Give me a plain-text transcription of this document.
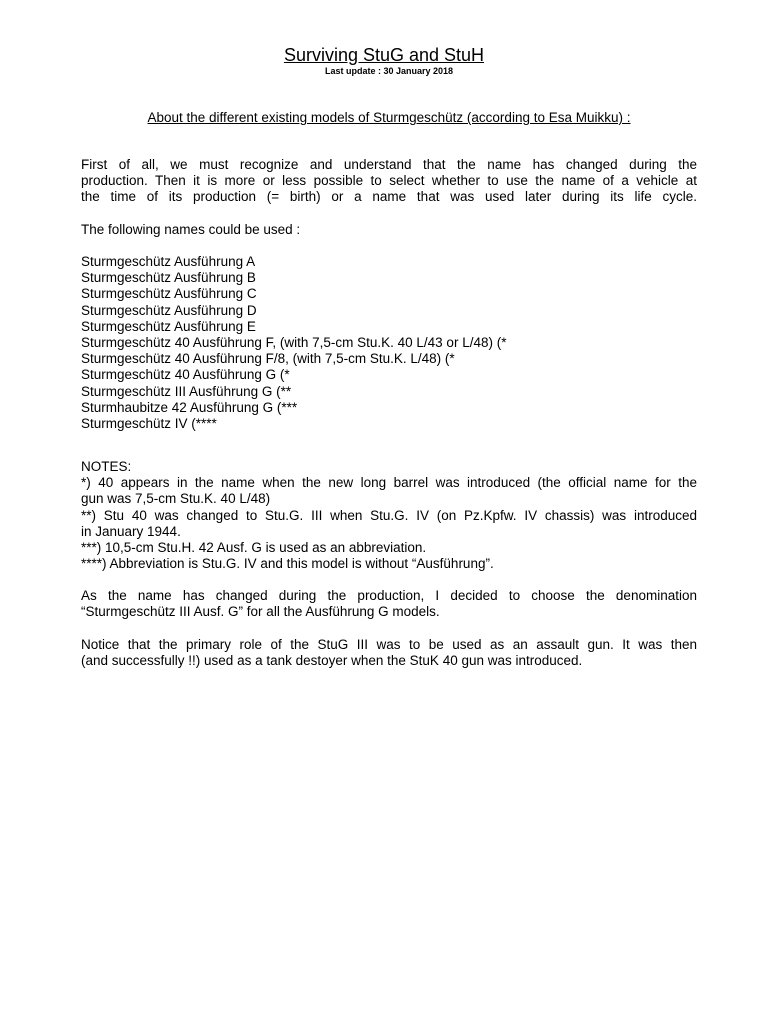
Surviving StuG and StuH

Last update : 30 January 2018

About the different existing models of Sturmgeschütz (according to Esa Muikku) :

First of all, we must recognize and understand that the name has changed during the
production. Then it is more or less possible to select whether to use the name of a vehicle at
the time of its production (= birth) or a name that was used later during its life cycle.
The following names could be used :
Sturmgeschütz Ausführung A
Sturmgeschütz Ausführung B
Sturmgeschütz Ausführung C
Sturmgeschütz Ausführung D
Sturmgeschütz Ausführung E
Sturmgeschütz 40 Ausführung F, (with 7,5-cm Stu.K. 40 L/43 or L/48) (*
Sturmgeschütz 40 Ausführung F/8, (with 7,5-cm Stu.K. L/48) (*
Sturmgeschütz 40 Ausführung G (*
Sturmgeschütz III Ausführung G (**
Sturmhaubitze 42 Ausführung G (***
Sturmgeschütz IV (****
NOTES:
*) 40 appears in the name when the new long barrel was introduced (the official name for the
gun was 7,5-cm Stu.K. 40 L/48)
**) Stu 40 was changed to Stu.G. III when Stu.G. IV (on Pz.Kpfw. IV chassis) was introduced
in January 1944.
***) 10,5-cm Stu.H. 42 Ausf. G is used as an abbreviation.
****) Abbreviation is Stu.G. IV and this model is without “Ausführung”.
As the name has changed during the production, I decided to choose the denomination
“Sturmgeschütz III Ausf. G” for all the Ausführung G models.
Notice that the primary role of the StuG III was to be used as an assault gun. It was then
(and successfully !!) used as a tank destoyer when the StuK 40 gun was introduced.
